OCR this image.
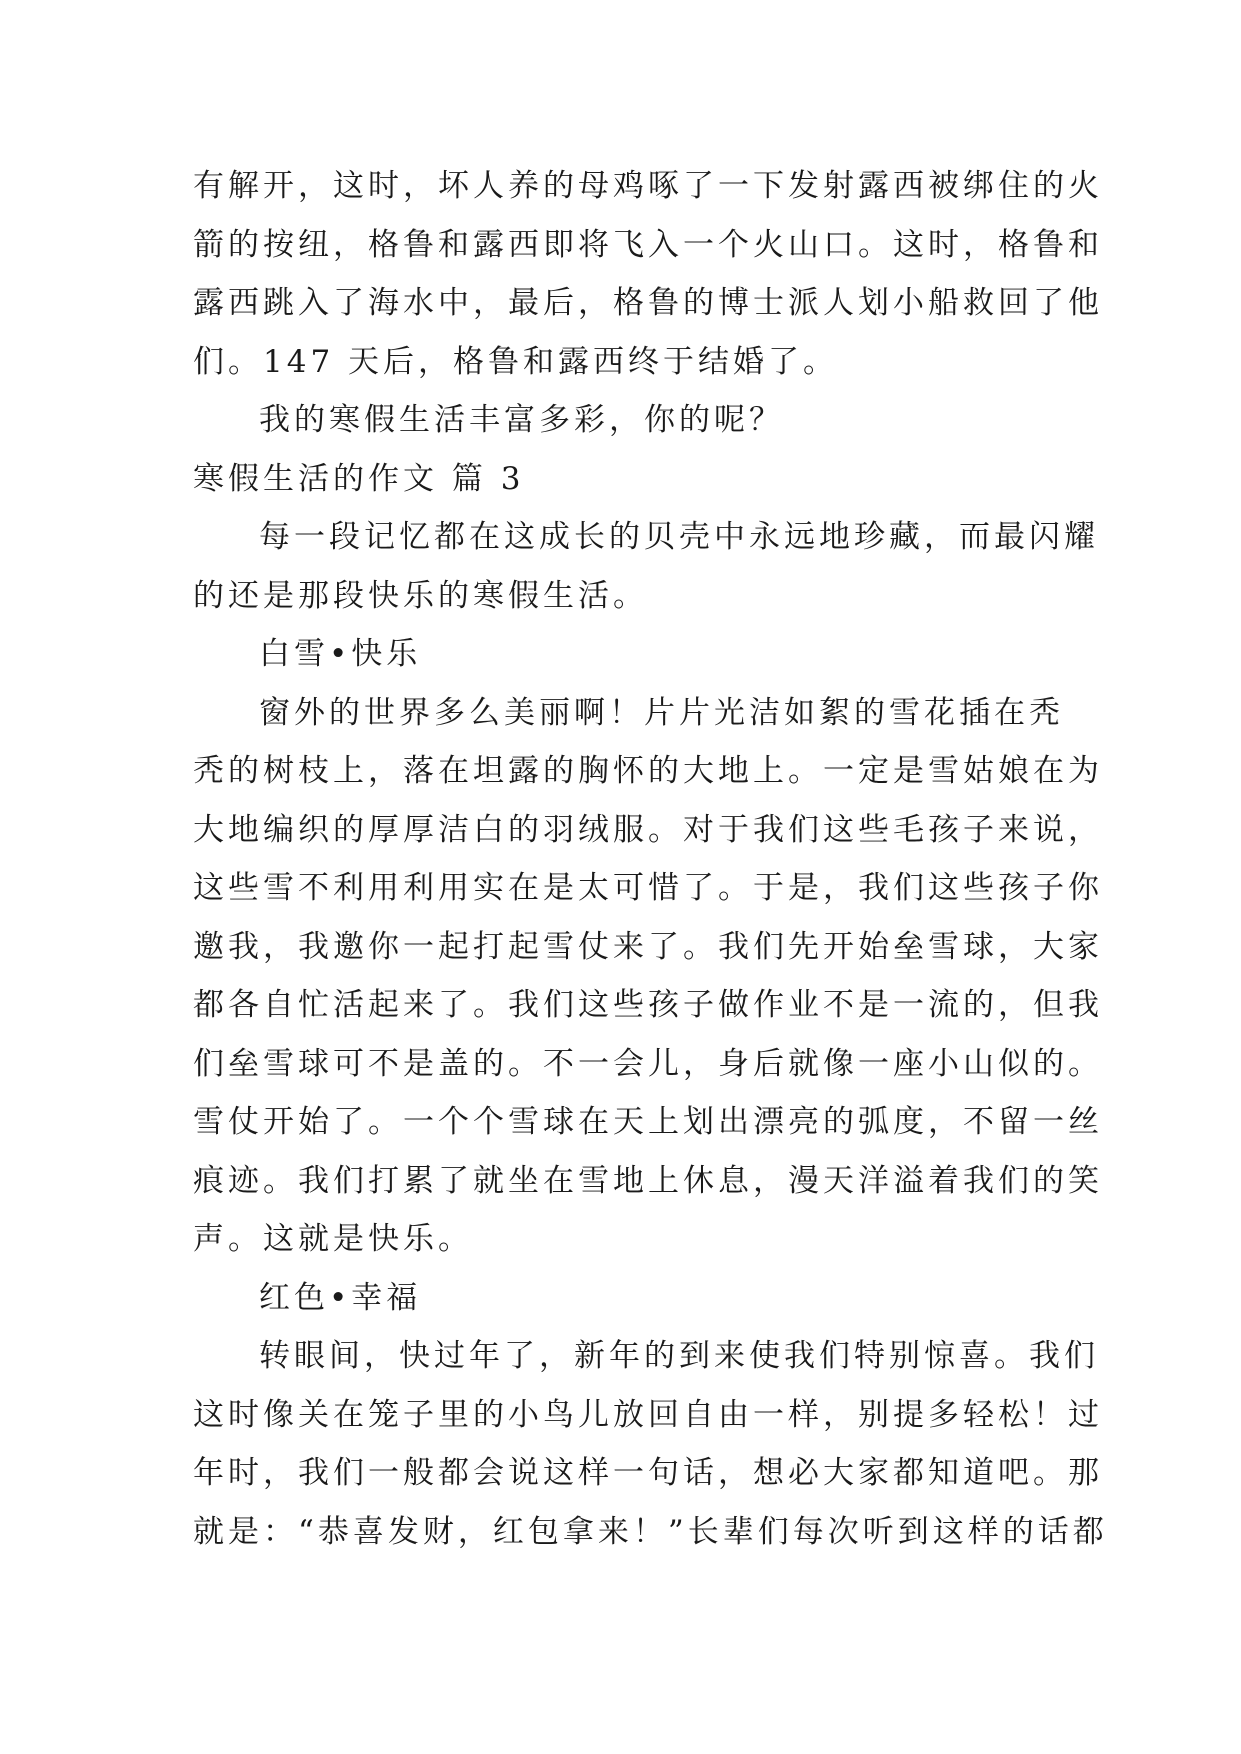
有解开，这时，坏人养的母鸡啄了一下发射露西被绑住的火
箭的按纽，格鲁和露西即将飞入一个火山口。这时，格鲁和
露西跳入了海水中，最后，格鲁的博士派人划小船救回了他
们。147 天后，格鲁和露西终于结婚了。
我的寒假生活丰富多彩，你的呢？
寒假生活的作文 篇 3
每一段记忆都在这成长的贝壳中永远地珍藏，而最闪耀
的还是那段快乐的寒假生活。
白雪•快乐
窗外的世界多么美丽啊！片片光洁如絮的雪花插在秃
秃的树枝上，落在坦露的胸怀的大地上。一定是雪姑娘在为
大地编织的厚厚洁白的羽绒服。对于我们这些毛孩子来说，
这些雪不利用利用实在是太可惜了。于是，我们这些孩子你
邀我，我邀你一起打起雪仗来了。我们先开始垒雪球，大家
都各自忙活起来了。我们这些孩子做作业不是一流的，但我
们垒雪球可不是盖的。不一会儿，身后就像一座小山似的。
雪仗开始了。一个个雪球在天上划出漂亮的弧度，不留一丝
痕迹。我们打累了就坐在雪地上休息，漫天洋溢着我们的笑
声。这就是快乐。
红色•幸福
转眼间，快过年了，新年的到来使我们特别惊喜。我们
这时像关在笼子里的小鸟儿放回自由一样，别提多轻松！过
年时，我们一般都会说这样一句话，想必大家都知道吧。那
就是：“恭喜发财，红包拿来！”长辈们每次听到这样的话都
